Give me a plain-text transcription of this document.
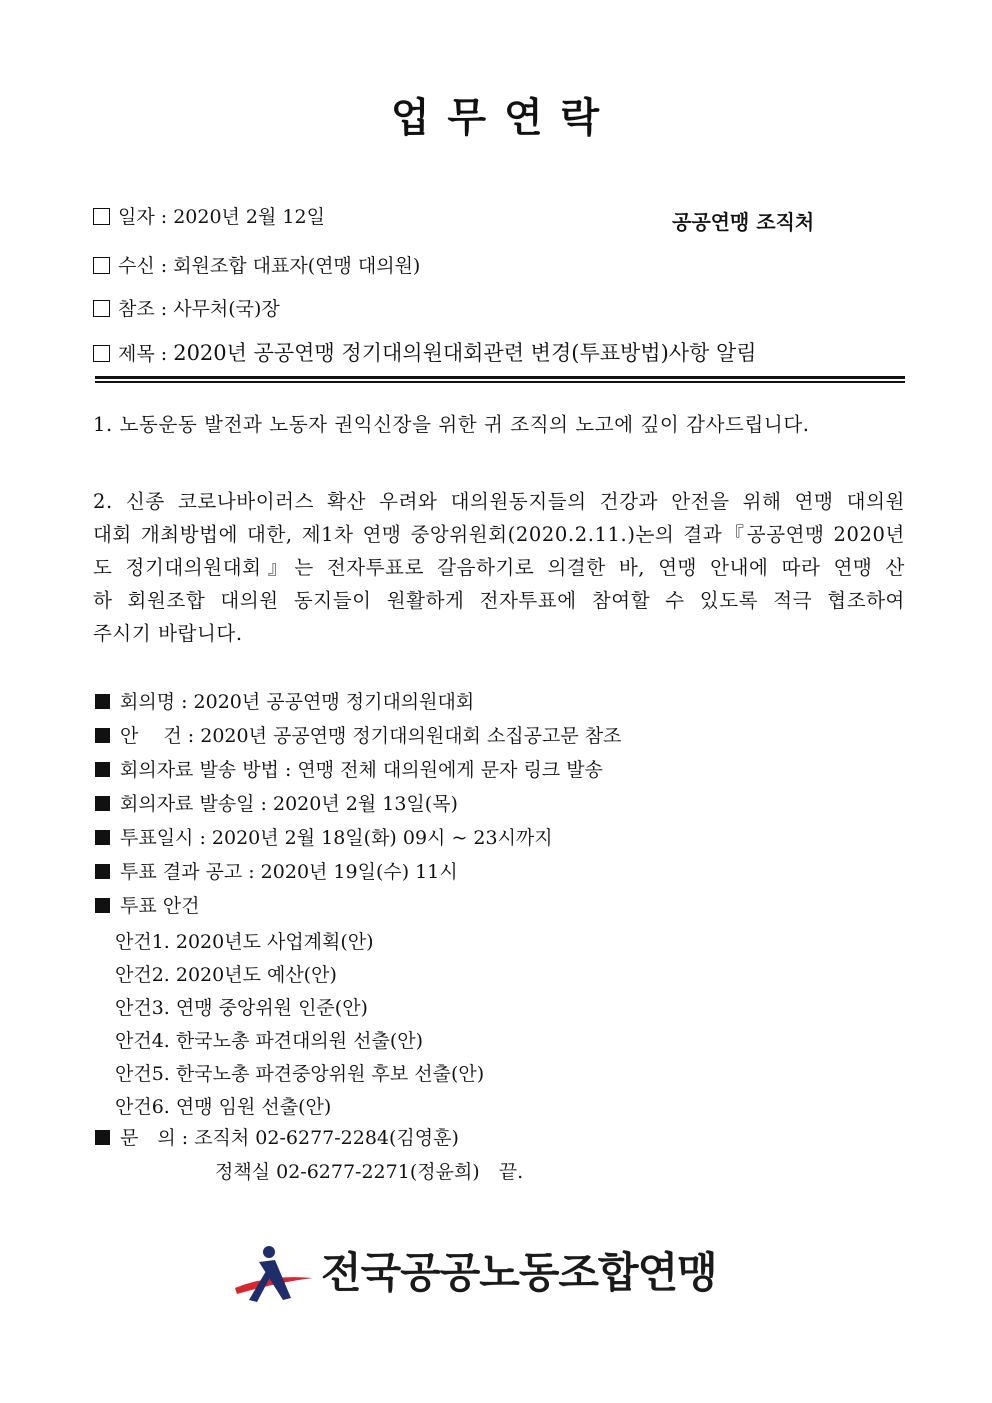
업 무 연 락
일자 : 2020년 2월 12일	공공연맹 조직처
수신 : 회원조합 대표자(연맹 대의원)
참조 : 사무처(국)장
제목 : 2020년 공공연맹 정기대의원대회관련 변경(투표방법)사항 알림
1. 노동운동 발전과 노동자 권익신장을 위한 귀 조직의 노고에 깊이 감사드립니다.
2. 신종 코로나바이러스 확산 우려와 대의원동지들의 건강과 안전을 위해 연맹 대의원
대회 개최방법에 대한, 제1차 연맹 중앙위원회(2020.2.11.)논의 결과『공공연맹 2020년
도 정기대의원대회』는 전자투표로 갈음하기로 의결한 바, 연맹 안내에 따라 연맹 산
하 회원조합 대의원 동지들이 원활하게 전자투표에 참여할 수 있도록 적극 협조하여
주시기 바랍니다.
회의명 : 2020년 공공연맹 정기대의원대회
안　 건 : 2020년 공공연맹 정기대의원대회 소집공고문 참조
회의자료 발송 방법 : 연맹 전체 대의원에게 문자 링크 발송
회의자료 발송일 : 2020년 2월 13일(목)
투표일시 : 2020년 2월 18일(화) 09시 ~ 23시까지
투표 결과 공고 : 2020년 19일(수) 11시
투표 안건
안건1. 2020년도 사업계획(안)
안건2. 2020년도 예산(안)
안건3. 연맹 중앙위원 인준(안)
안건4. 한국노총 파견대의원 선출(안)
안건5. 한국노총 파견중앙위원 후보 선출(안)
안건6. 연맹 임원 선출(안)
문　의 : 조직처 02-6277-2284(김영훈)
정책실 02-6277-2271(정윤희)　끝.
전국공공노동조합연맹
